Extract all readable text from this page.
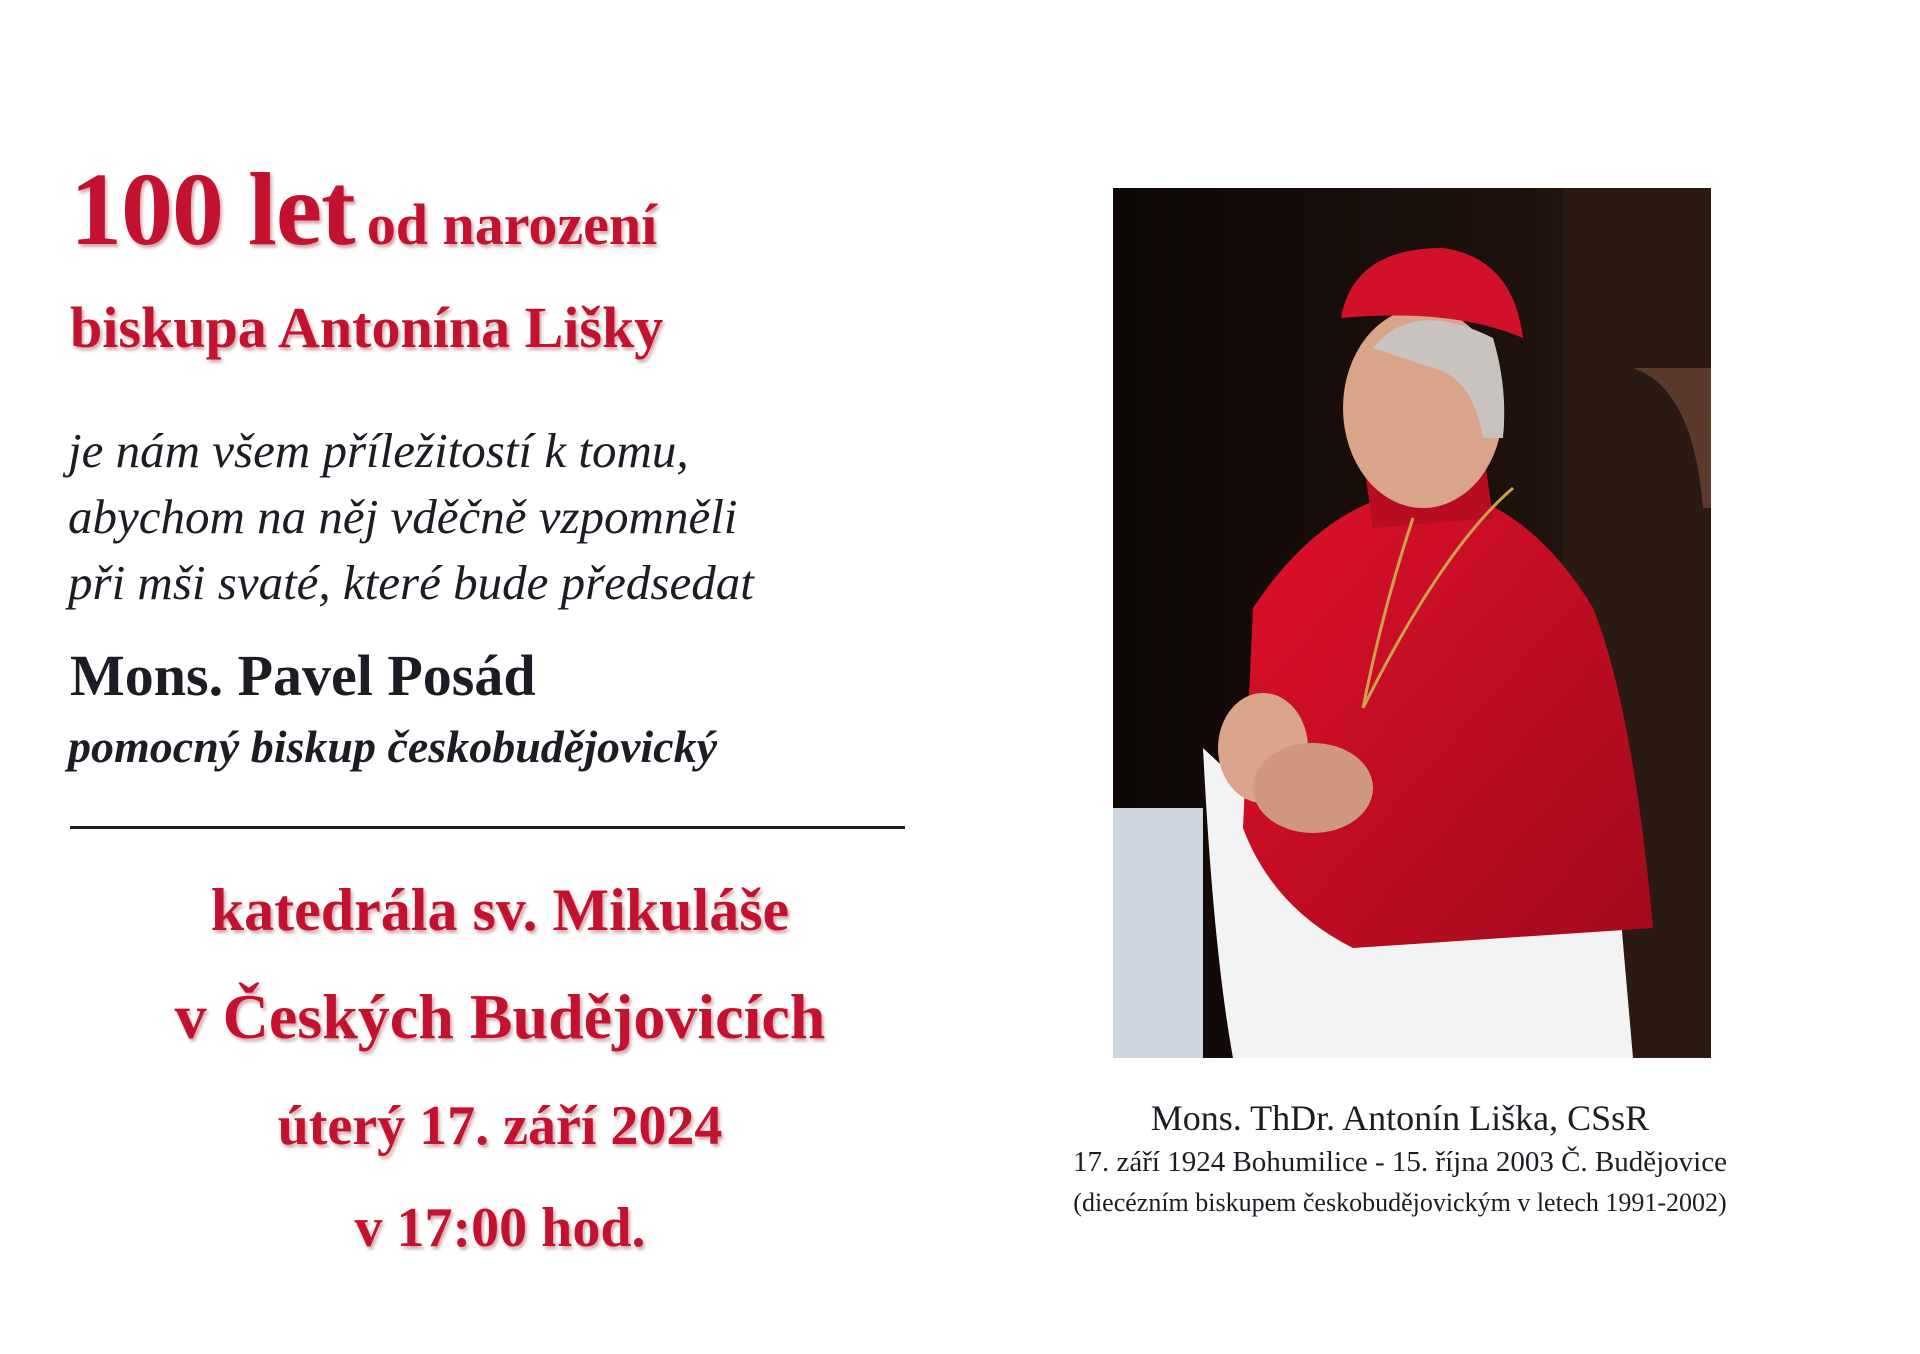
100 let od narození
biskupa Antonína Lišky
je nám všem příležitostí k tomu,
abychom na něj vděčně vzpomněli
při mši svaté, které bude předsedat
Mons. Pavel Posád
pomocný biskup českobudějovický
katedrála sv. Mikuláše
v Českých Budějovicích
úterý 17. září 2024
v 17:00 hod.
Mons. ThDr. Antonín Liška, CSsR
17. září 1924 Bohumilice - 15. října 2003 Č. Budějovice
(diecézním biskupem českobudějovickým v letech 1991-2002)
